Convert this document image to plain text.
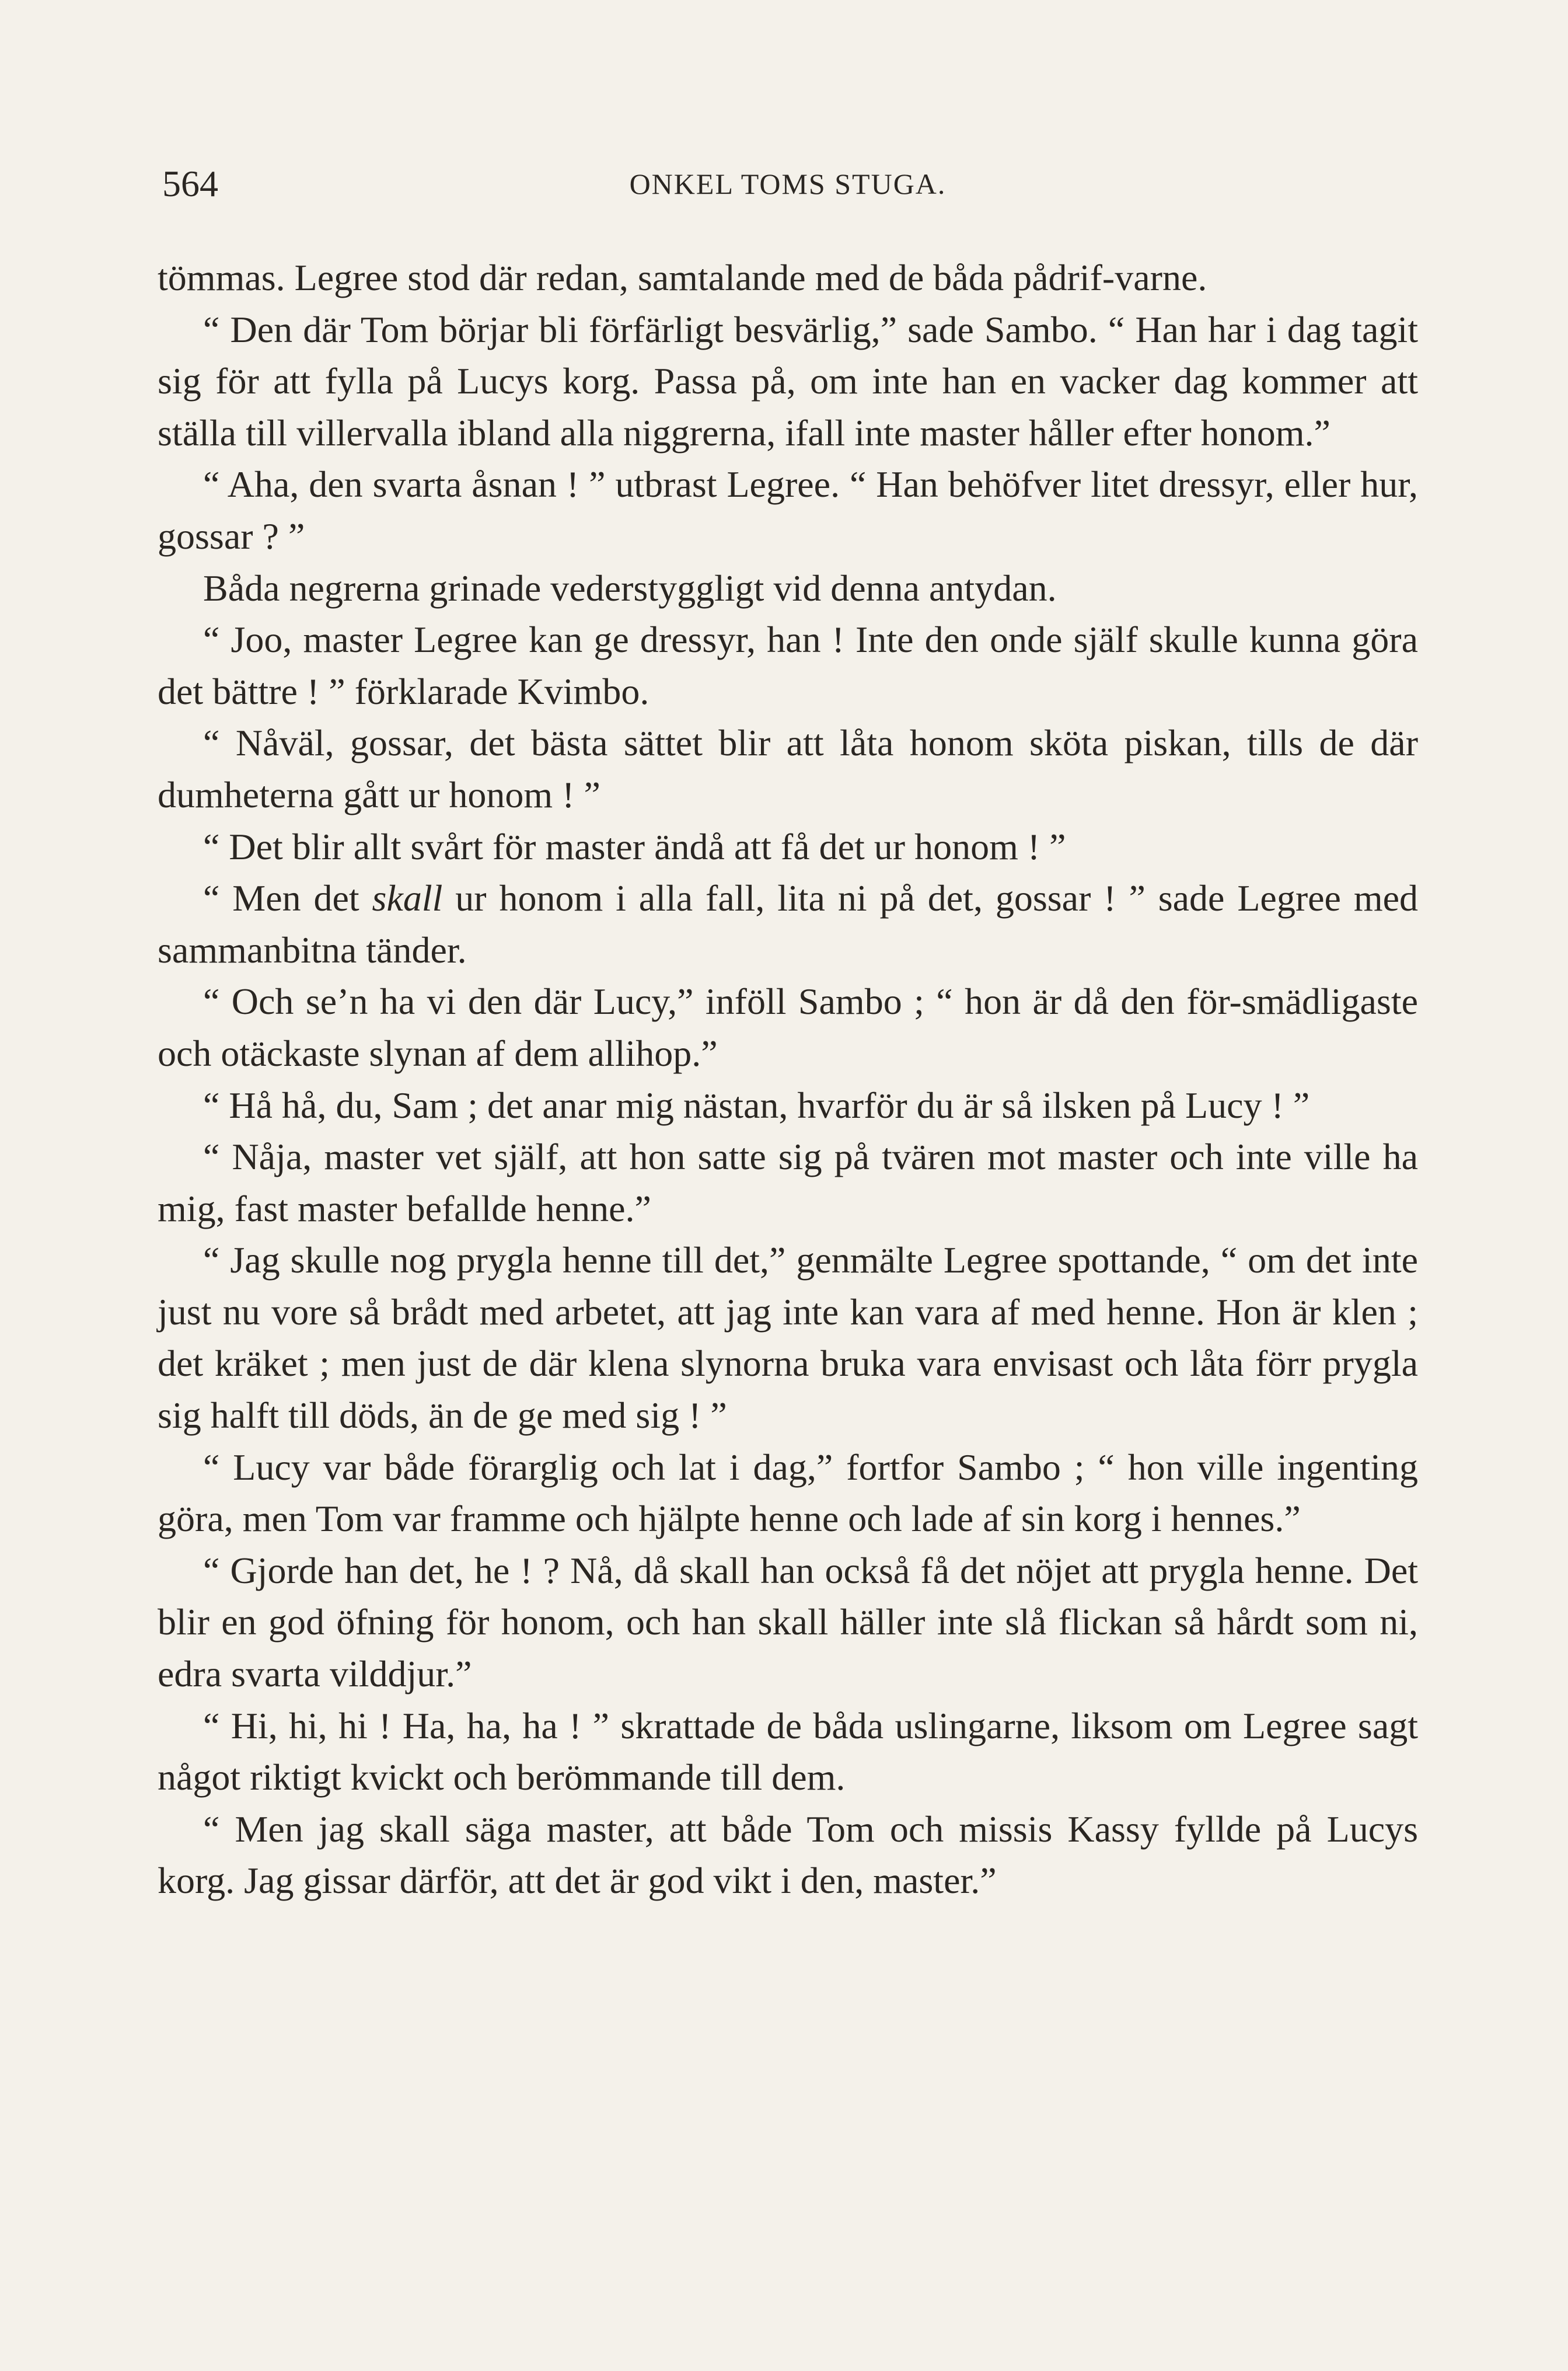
564	ONKEL TOMS STUGA.

tömmas. Legree stod där redan, samtalande med de båda pådrif-varne.

“ Den där Tom börjar bli förfärligt besvärlig,” sade Sambo. “ Han har i dag tagit sig för att fylla på Lucys korg. Passa på, om inte han en vacker dag kommer att ställa till villervalla ibland alla niggrerna, ifall inte master håller efter honom.”

“ Aha, den svarta åsnan ! ” utbrast Legree. “ Han behöfver litet dressyr, eller hur, gossar ? ”

Båda negrerna grinade vederstyggligt vid denna antydan.

“ Joo, master Legree kan ge dressyr, han ! Inte den onde själf skulle kunna göra det bättre ! ” förklarade Kvimbo.

“ Nåväl, gossar, det bästa sättet blir att låta honom sköta piskan, tills de där dumheterna gått ur honom ! ”

“ Det blir allt svårt för master ändå att få det ur honom ! ”

“ Men det skall ur honom i alla fall, lita ni på det, gossar ! ” sade Legree med sammanbitna tänder.

“ Och se’n ha vi den där Lucy,” inföll Sambo ; “ hon är då den för-smädligaste och otäckaste slynan af dem allihop.”

“ Hå hå, du, Sam ; det anar mig nästan, hvarför du är så ilsken på Lucy ! ”

“ Nåja, master vet själf, att hon satte sig på tvären mot master och inte ville ha mig, fast master befallde henne.”

“ Jag skulle nog prygla henne till det,” genmälte Legree spottande, “ om det inte just nu vore så brådt med arbetet, att jag inte kan vara af med henne. Hon är klen ; det kräket ; men just de där klena slynorna bruka vara envisast och låta förr prygla sig halft till döds, än de ge med sig ! ”

“ Lucy var både förarglig och lat i dag,” fortfor Sambo ; “ hon ville ingenting göra, men Tom var framme och hjälpte henne och lade af sin korg i hennes.”

“ Gjorde han det, he ! ? Nå, då skall han också få det nöjet att prygla henne. Det blir en god öfning för honom, och han skall häller inte slå flickan så hårdt som ni, edra svarta vilddjur.”

“ Hi, hi, hi ! Ha, ha, ha ! ” skrattade de båda uslingarne, liksom om Legree sagt något riktigt kvickt och berömmande till dem.

“ Men jag skall säga master, att både Tom och missis Kassy fyllde på Lucys korg. Jag gissar därför, att det är god vikt i den, master.”
